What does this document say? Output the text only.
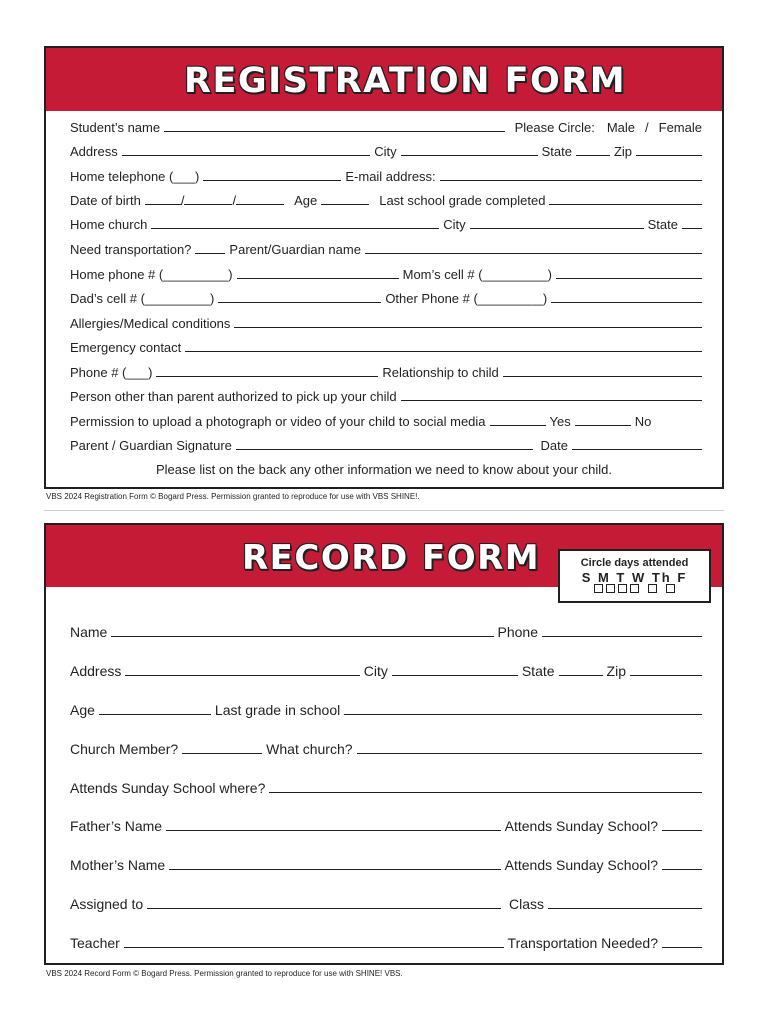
REGISTRATION FORM
Student’s name	Please Circle: Male / Female
Address	City	State	Zip
Home telephone (___)	E-mail address:
Date of birth	/	/	Age	Last school grade completed
Home church	City	State
Need transportation?	Parent/Guardian name
Home phone # (_________)	Mom’s cell # (_________)
Dad’s cell # (_________)	Other Phone # (_________)
Allergies/Medical conditions
Emergency contact
Phone # (___)	Relationship to child
Person other than parent authorized to pick up your child
Permission to upload a photograph or video of your child to social media	Yes	No
Parent / Guardian Signature	Date
Please list on the back any other information we need to know about your child.
VBS 2024 Registration Form © Bogard Press. Permission granted to reproduce for use with VBS SHINE!.
RECORD FORM	Circle days attended
S M T W Th F
Name	Phone
Address	City	State	Zip
Age	Last grade in school
Church Member?	What church?
Attends Sunday School where?
Father’s Name	Attends Sunday School?
Mother’s Name	Attends Sunday School?
Assigned to	Class
Teacher	Transportation Needed?
VBS 2024 Record Form © Bogard Press. Permission granted to reproduce for use with SHINE! VBS.
